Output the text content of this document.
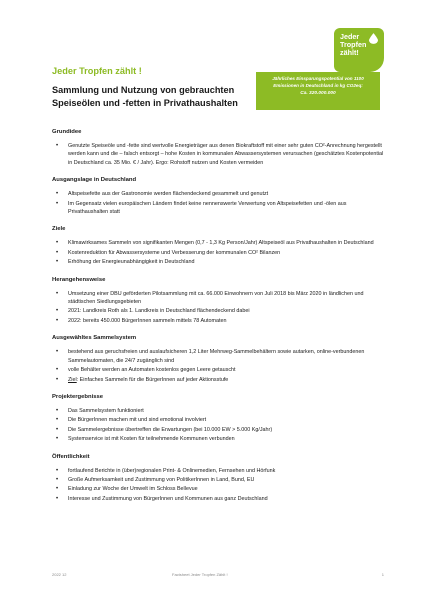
Jeder
Tropfen
zählt!
Jeder Tropfen zählt !
Sammlung und Nutzung von gebrauchten
Speiseölen und -fetten in Privathaushalten
Jährliches Einsparungspotential von 1100 Emissionen in Deutschland in kg CO2eq:
Ca. 320.000.000
Grundidee
• Genutzte Speiseöle und -fette sind wertvolle Energieträger aus denen Biokraftstoff mit einer sehr guten CO²-Anrechnung hergestellt werden kann und die – falsch entsorgt – hohe Kosten in kommunalen Abwassersystemen verursachen (geschätztes Kostenpotential in Deutschland ca. 35 Mio. € / Jahr). Ergo: Rohstoff nutzen und Kosten vermeiden
Ausgangslage in Deutschland
• Altspeisefette aus der Gastronomie werden flächendeckend gesammelt und genutzt
• Im Gegensatz vielen europäischen Ländern findet keine nennenswerte Verwertung von Altspeisefetten und -ölen aus Privathaushalten statt
Ziele
• Klimawirksames Sammeln von signifikanten Mengen (0,7 - 1,3 Kg Person/Jahr) Altspeiseöl aus Privathaushalten in Deutschland
• Kostenreduktion für Abwassersysteme und Verbesserung der kommunalen CO² Bilanzen
• Erhöhung der Energieunabhängigkeit in Deutschland
Herangehensweise
• Umsetzung einer DBU geförderten Pilotsammlung mit ca. 66.000 Einwohnern von Juli 2018 bis März 2020 in ländlichen und städtischen Siedlungsgebieten
• 2021: Landkreis Roth als 1. Landkreis in Deutschland flächendeckend dabei
• 2022: bereits 450.000 BürgerInnen sammeln mittels 78 Automaten
Ausgewähltes Sammelsystem
• bestehend aus geruchsfreien und auslaufsicheren 1,2 Liter Mehrweg-Sammelbehältern sowie autarken, online-verbundenen Sammelautomaten, die 24/7 zugänglich sind
• volle Behälter werden an Automaten kostenlos gegen Leere getauscht
• Ziel: Einfaches Sammeln für die BürgerInnen auf jeder Aktionsstufe
Projektergebnisse
• Das Sammelsystem funktioniert
• Die BürgerInnen machen mit und sind emotional involviert
• Die Sammelergebnisse übertreffen die Erwartungen (bei 10.000 EW > 5.000 Kg/Jahr)
• Systemservice ist mit Kosten für teilnehmende Kommunen verbunden
Öffentlichkeit
• fortlaufend Berichte in (über)regionalen Print- & Onlinemedien, Fernsehen und Hörfunk
• Große Aufmerksamkeit und Zustimmung von PolitikerInnen in Land, Bund, EU
• Einladung zur Woche der Umwelt im Schloss Bellevue
• Interesse und Zustimmung von BürgerInnen und Kommunen aus ganz Deutschland
2022 12	Factsheet Jeder Tropfen Zählt !	1
